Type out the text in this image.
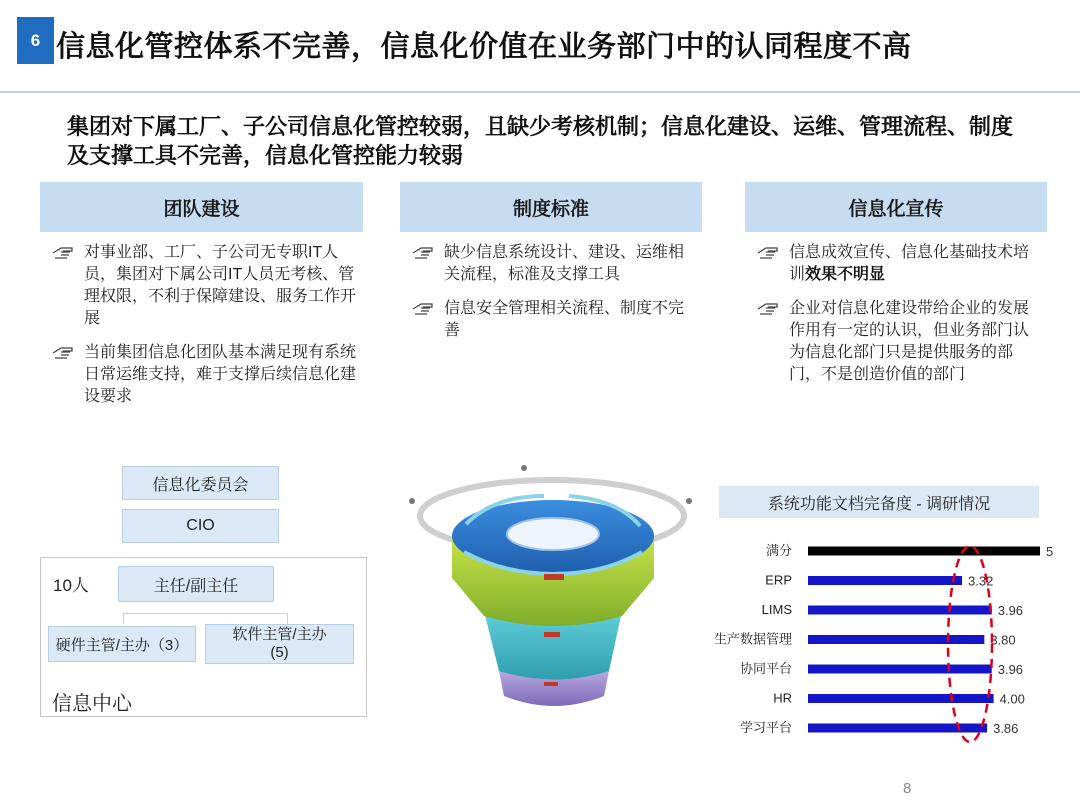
6 信息化管控体系不完善，信息化价值在业务部门中的认同程度不高
集团对下属工厂、子公司信息化管控较弱，且缺少考核机制；信息化建设、运维、管理流程、制度及支撑工具不完善，信息化管控能力较弱
团队建设	制度标准	信息化宣传
对事业部、工厂、子公司无专职IT人员，集团对下属公司IT人员无考核、管理权限，不利于保障建设、服务工作开展
当前集团信息化团队基本满足现有系统日常运维支持，难于支撑后续信息化建设要求
缺少信息系统设计、建设、运维相关流程，标准及支撑工具
信息安全管理相关流程、制度不完善
信息成效宣传、信息化基础技术培训效果不明显
企业对信息化建设带给企业的发展作用有一定的认识，但业务部门认为信息化部门只是提供服务的部门，不是创造价值的部门
信息化委员会
CIO
10人	主任/副主任
硬件主管/主办（3）
软件主管/主办
(5)
信息中心
系统功能文档完备度 - 调研情况
满分	5
ERP	3.32
LIMS	3.96
生产数据管理	3.80
协同平台	3.96
HR	4.00
学习平台	3.86
8
